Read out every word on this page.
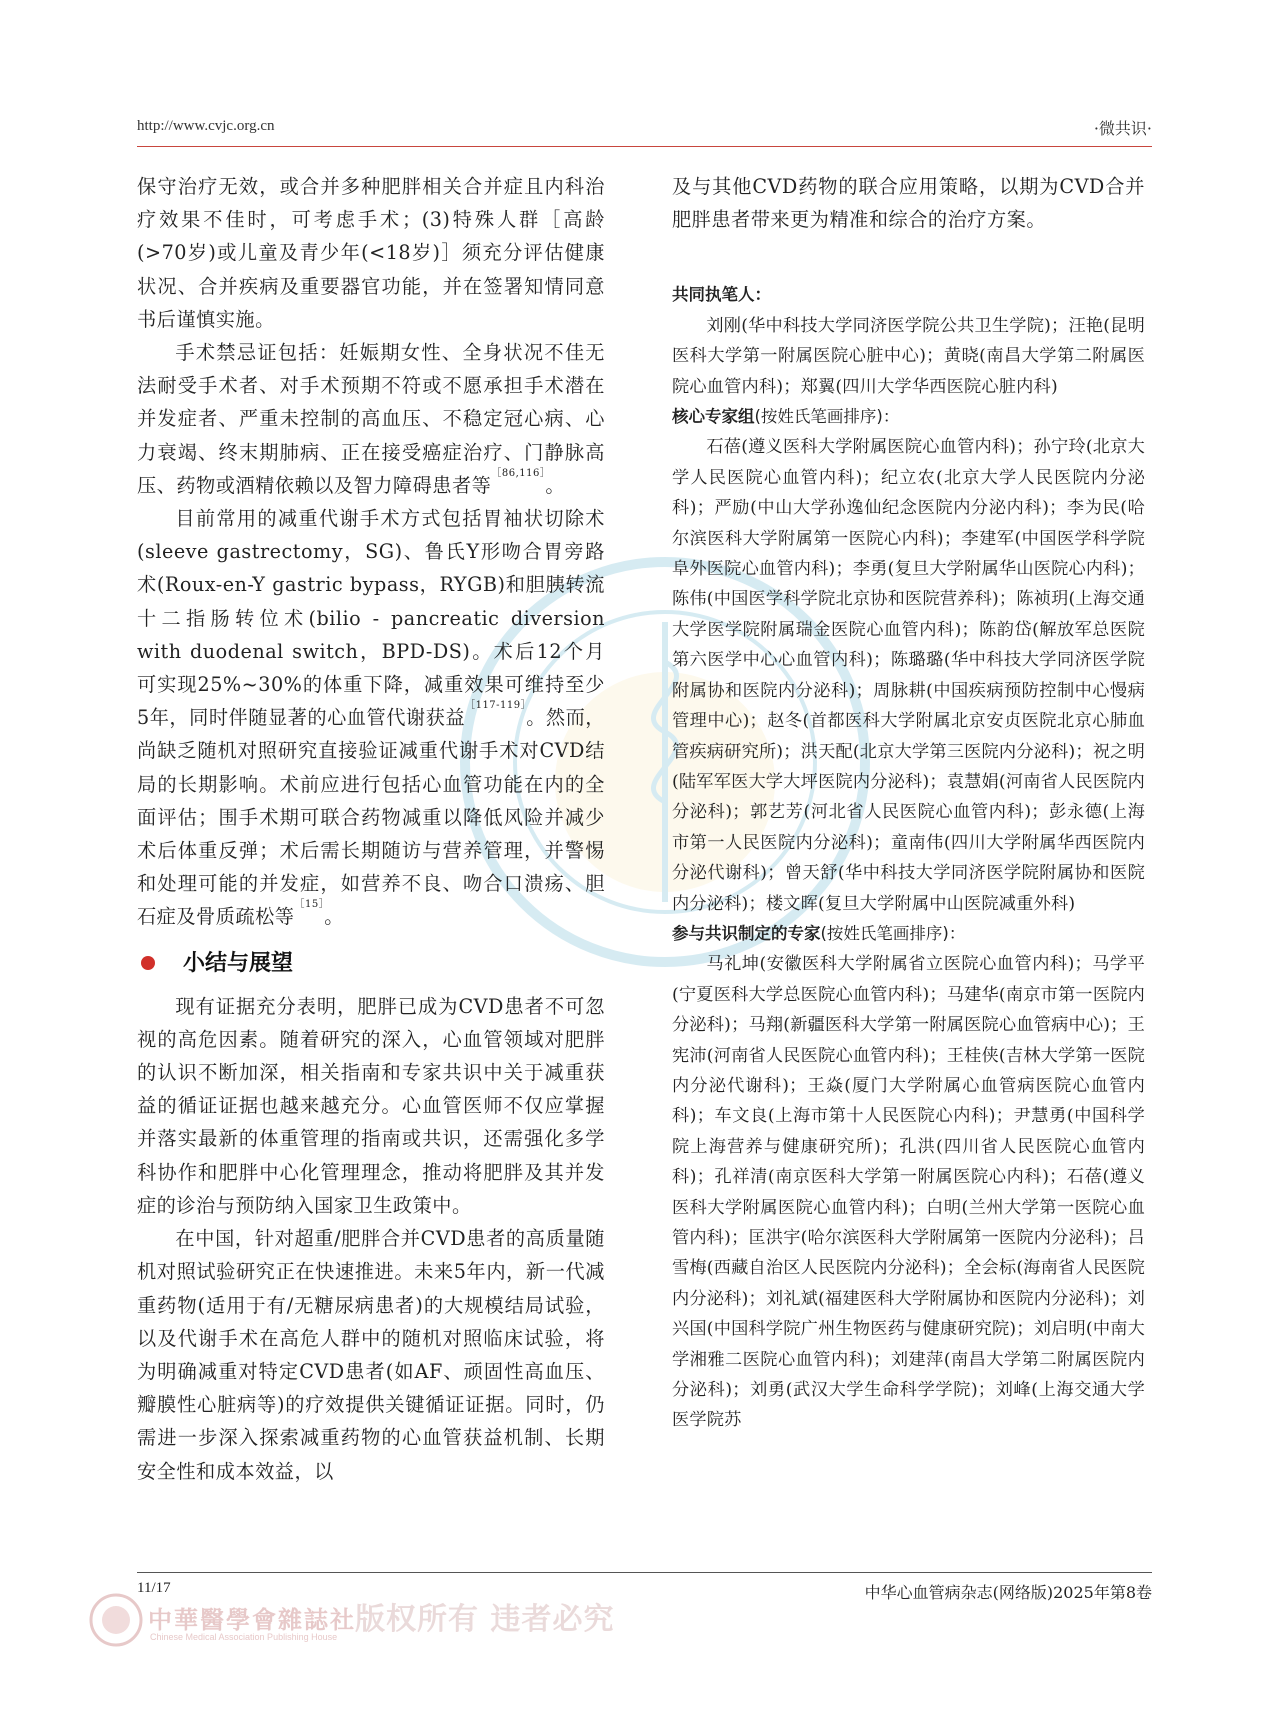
http://www.cvjc.org.cn	·微共识·

保守治疗无效，或合并多种肥胖相关合并症且内科治疗效果不佳时，可考虑手术；(3)特殊人群［高龄(>70岁)或儿童及青少年(<18岁)］须充分评估健康状况、合并疾病及重要器官功能，并在签署知情同意书后谨慎实施。

手术禁忌证包括：妊娠期女性、全身状况不佳无法耐受手术者、对手术预期不符或不愿承担手术潜在并发症者、严重未控制的高血压、不稳定冠心病、心力衰竭、终末期肺病、正在接受癌症治疗、门静脉高压、药物或酒精依赖以及智力障碍患者等$^{[86,116]}$。

目前常用的减重代谢手术方式包括胃袖状切除术(sleeve gastrectomy，SG)、鲁氏Y形吻合胃旁路术(Roux-en-Y gastric bypass，RYGB)和胆胰转流十二指肠转位术(bilio - pancreatic diversion with duodenal switch，BPD-DS)。术后12个月可实现25%~30%的体重下降，减重效果可维持至少5年，同时伴随显著的心血管代谢获益$^{[117-119]}$。然而，尚缺乏随机对照研究直接验证减重代谢手术对CVD结局的长期影响。术前应进行包括心血管功能在内的全面评估；围手术期可联合药物减重以降低风险并减少术后体重反弹；术后需长期随访与营养管理，并警惕和处理可能的并发症，如营养不良、吻合口溃疡、胆石症及骨质疏松等$^{[15]}$。

小结与展望

现有证据充分表明，肥胖已成为CVD患者不可忽视的高危因素。随着研究的深入，心血管领域对肥胖的认识不断加深，相关指南和专家共识中关于减重获益的循证证据也越来越充分。心血管医师不仅应掌握并落实最新的体重管理的指南或共识，还需强化多学科协作和肥胖中心化管理理念，推动将肥胖及其并发症的诊治与预防纳入国家卫生政策中。

在中国，针对超重/肥胖合并CVD患者的高质量随机对照试验研究正在快速推进。未来5年内，新一代减重药物(适用于有/无糖尿病患者)的大规模结局试验，以及代谢手术在高危人群中的随机对照临床试验，将为明确减重对特定CVD患者(如AF、顽固性高血压、瓣膜性心脏病等)的疗效提供关键循证证据。同时，仍需进一步深入探索减重药物的心血管获益机制、长期安全性和成本效益，以

及与其他CVD药物的联合应用策略，以期为CVD合并肥胖患者带来更为精准和综合的治疗方案。

共同执笔人：

刘刚(华中科技大学同济医学院公共卫生学院)；汪艳(昆明医科大学第一附属医院心脏中心)；黄晓(南昌大学第二附属医院心血管内科)；郑翼(四川大学华西医院心脏内科)

核心专家组(按姓氏笔画排序)：

石蓓(遵义医科大学附属医院心血管内科)；孙宁玲(北京大学人民医院心血管内科)；纪立农(北京大学人民医院内分泌科)；严励(中山大学孙逸仙纪念医院内分泌内科)；李为民(哈尔滨医科大学附属第一医院心内科)；李建军(中国医学科学院阜外医院心血管内科)；李勇(复旦大学附属华山医院心内科)；陈伟(中国医学科学院北京协和医院营养科)；陈祯玥(上海交通大学医学院附属瑞金医院心血管内科)；陈韵岱(解放军总医院第六医学中心心血管内科)；陈璐璐(华中科技大学同济医学院附属协和医院内分泌科)；周脉耕(中国疾病预防控制中心慢病管理中心)；赵冬(首都医科大学附属北京安贞医院北京心肺血管疾病研究所)；洪天配(北京大学第三医院内分泌科)；祝之明(陆军军医大学大坪医院内分泌科)；袁慧娟(河南省人民医院内分泌科)；郭艺芳(河北省人民医院心血管内科)；彭永德(上海市第一人民医院内分泌科)；童南伟(四川大学附属华西医院内分泌代谢科)；曾天舒(华中科技大学同济医学院附属协和医院内分泌科)；楼文晖(复旦大学附属中山医院减重外科)

参与共识制定的专家(按姓氏笔画排序)：

马礼坤(安徽医科大学附属省立医院心血管内科)；马学平(宁夏医科大学总医院心血管内科)；马建华(南京市第一医院内分泌科)；马翔(新疆医科大学第一附属医院心血管病中心)；王宪沛(河南省人民医院心血管内科)；王桂侠(吉林大学第一医院内分泌代谢科)；王焱(厦门大学附属心血管病医院心血管内科)；车文良(上海市第十人民医院心内科)；尹慧勇(中国科学院上海营养与健康研究所)；孔洪(四川省人民医院心血管内科)；孔祥清(南京医科大学第一附属医院心内科)；石蓓(遵义医科大学附属医院心血管内科)；白明(兰州大学第一医院心血管内科)；匡洪宇(哈尔滨医科大学附属第一医院内分泌科)；吕雪梅(西藏自治区人民医院内分泌科)；全会标(海南省人民医院内分泌科)；刘礼斌(福建医科大学附属协和医院内分泌科)；刘兴国(中国科学院广州生物医药与健康研究院)；刘启明(中南大学湘雅二医院心血管内科)；刘建萍(南昌大学第二附属医院内分泌科)；刘勇(武汉大学生命科学学院)；刘峰(上海交通大学医学院苏

11/17	中华心血管病杂志(网络版)2025年第8卷
中華醫學會雜誌社
Chinese Medical Association Publishing House 版权所有 违者必究
